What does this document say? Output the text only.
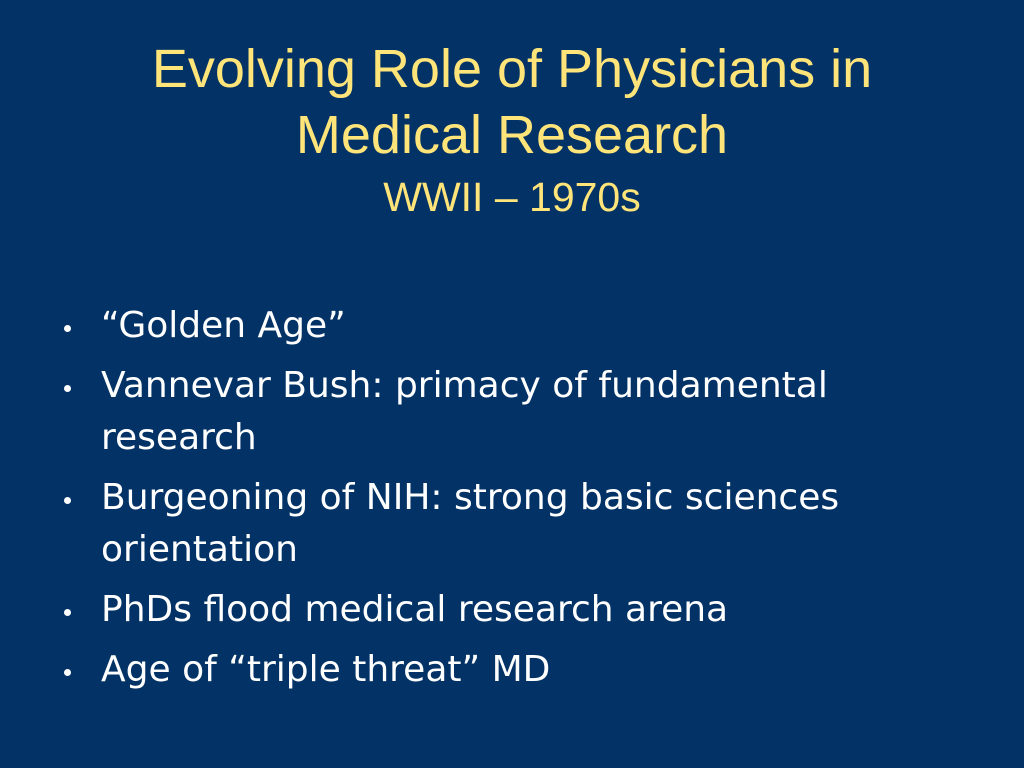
Evolving Role of Physicians in
Medical Research
WWII – 1970s
“Golden Age”
Vannevar Bush: primacy of fundamental research
Burgeoning of NIH: strong basic sciences orientation
PhDs flood medical research arena
Age of “triple threat” MD
